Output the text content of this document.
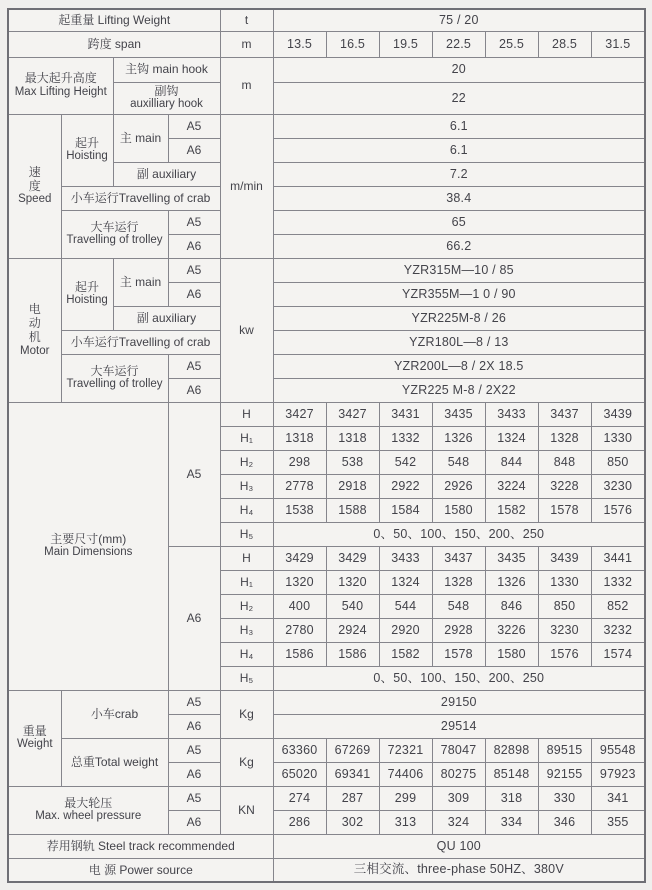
起重量 Lifting Weight				t	75 / 20						
跨度 span				m	13.5	16.5	19.5	22.5	25.5	28.5	31.5

最大起升高度
Max Lifting Height		主钩 main hook		m	20						

		副钩
auxilliary hook			22						

速
度
Speed	起升
Hoisting	主 main	A5	m/min	6.1						
			A6		6.1						
		副 auxiliary			7.2						
	小车运行Travelling of crab				38.4						

	大车运行
Travelling of trolley		A5		65						
			A6		66.2						

电
动
机
Motor	起升
Hoisting	主 main	A5	kw	YZR315M—10 / 85						
			A6		YZR355M—1 0 / 90						
		副 auxiliary			YZR225M-8 / 26						
	小车运行Travelling of crab				YZR180L—8 / 13						

	大车运行
Travelling of trolley		A5		YZR200L—8 / 2X 18.5						
			A6		YZR225 M-8 / 2X22						

主要尺寸(mm)
Main Dimensions			A5	H	3427	3427	3431	3435	3433	3437	3439
				H₁	1318	1318	1332	1326	1324	1328	1330
				H₂	298	538	542	548	844	848	850
				H₃	2778	2918	2922	2926	3224	3228	3230
				H₄	1538	1588	1584	1580	1582	1578	1576
				H₅	0、50、100、150、200、250						
			A6	H	3429	3429	3433	3437	3435	3439	3441
				H₁	1320	1320	1324	1328	1326	1330	1332
				H₂	400	540	544	548	846	850	852
				H₃	2780	2924	2920	2928	3226	3230	3232
				H₄	1586	1586	1582	1578	1580	1576	1574
				H₅	0、50、100、150、200、250						

重量
Weight	小车crab		A5	Kg	29150						
			A6		29514						
	总重Total weight		A5	Kg	63360	67269	72321	78047	82898	89515	95548
			A6		65020	69341	74406	80275	85148	92155	97923

最大轮压
Max. wheel pressure			A5	KN	274	287	299	309	318	330	341
			A6		286	302	313	324	334	346	355
荐用钢轨 Steel track recommended					QU 100						
电 源 Power source					三相交流、three-phase 50HZ、380V						
